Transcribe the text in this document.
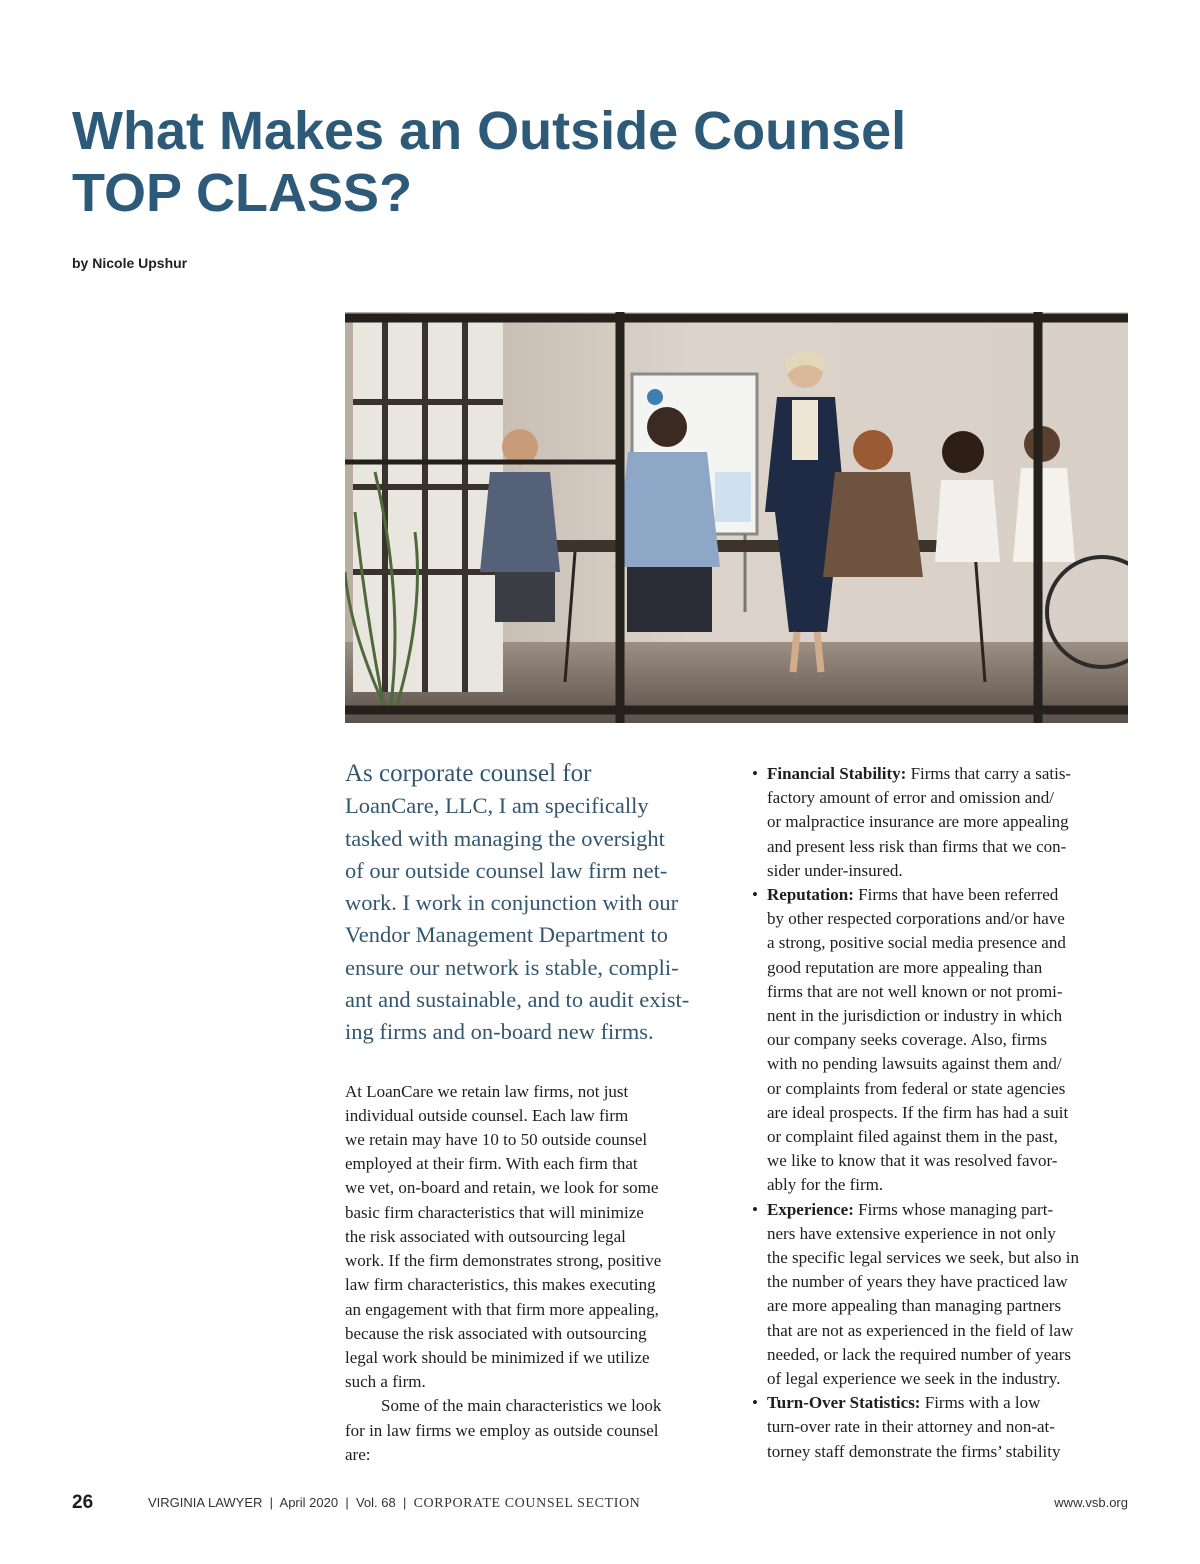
What Makes an Outside Counsel
TOP CLASS?

by Nicole Upshur

As corporate counsel for
LoanCare, LLC, I am specifically
tasked with managing the oversight
of our outside counsel law firm net-
work. I work in conjunction with our
Vendor Management Department to
ensure our network is stable, compli-
ant and sustainable, and to audit exist-
ing firms and on-board new firms.

At LoanCare we retain law firms, not just
individual outside counsel. Each law firm
we retain may have 10 to 50 outside counsel
employed at their firm. With each firm that
we vet, on-board and retain, we look for some
basic firm characteristics that will minimize
the risk associated with outsourcing legal
work. If the firm demonstrates strong, positive
law firm characteristics, this makes executing
an engagement with that firm more appealing,
because the risk associated with outsourcing
legal work should be minimized if we utilize
such a firm.
Some of the main characteristics we look
for in law firms we employ as outside counsel
are:

• Financial Stability: Firms that carry a satis-
factory amount of error and omission and/
or malpractice insurance are more appealing
and present less risk than firms that we con-
sider under-insured.
• Reputation: Firms that have been referred
by other respected corporations and/or have
a strong, positive social media presence and
good reputation are more appealing than
firms that are not well known or not promi-
nent in the jurisdiction or industry in which
our company seeks coverage. Also, firms
with no pending lawsuits against them and/
or complaints from federal or state agencies
are ideal prospects. If the firm has had a suit
or complaint filed against them in the past,
we like to know that it was resolved favor-
ably for the firm.
• Experience: Firms whose managing part-
ners have extensive experience in not only
the specific legal services we seek, but also in
the number of years they have practiced law
are more appealing than managing partners
that are not as experienced in the field of law
needed, or lack the required number of years
of legal experience we seek in the industry.
• Turn-Over Statistics: Firms with a low
turn-over rate in their attorney and non-at-
torney staff demonstrate the firms’ stability
26	VIRGINIA LAWYER | April 2020 | Vol. 68 | CORPORATE COUNSEL SECTION	www.vsb.org
